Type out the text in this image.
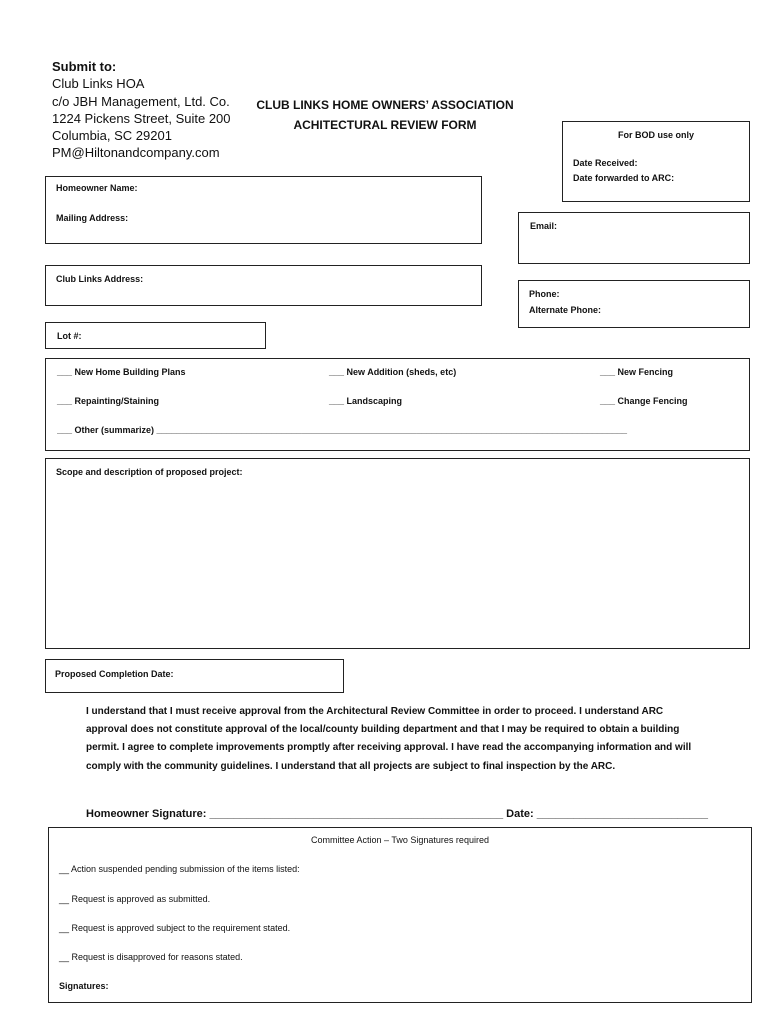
Submit to:
Club Links HOA
c/o JBH Management, Ltd. Co.
1224 Pickens Street, Suite 200
Columbia, SC 29201
PM@Hiltonandcompany.com
CLUB LINKS HOME OWNERS’ ASSOCIATION
ACHITECTURAL REVIEW FORM
For BOD use only
Date Received:
Date forwarded to ARC:
Homeowner Name:
Mailing Address:
Email:
Club Links Address:
Phone:
Alternate Phone:
Lot #:
___ New Home Building Plans	___ New Addition (sheds, etc)	___ New Fencing
___ Repainting/Staining	___ Landscaping	___ Change Fencing
___ Other (summarize) ______________________________________________________________________________________________
Scope and description of proposed project:
Proposed Completion Date:
I understand that I must receive approval from the Architectural Review Committee in order to proceed. I understand ARC approval does not constitute approval of the local/county building department and that I may be required to obtain a building permit. I agree to complete improvements promptly after receiving approval. I have read the accompanying information and will comply with the community guidelines. I understand that all projects are subject to final inspection by the ARC.
Homeowner Signature: ________________________________________________ Date: ____________________________
Committee Action – Two Signatures required
__ Action suspended pending submission of the items listed:
__ Request is approved as submitted.
__ Request is approved subject to the requirement stated.
__ Request is disapproved for reasons stated.
Signatures:
